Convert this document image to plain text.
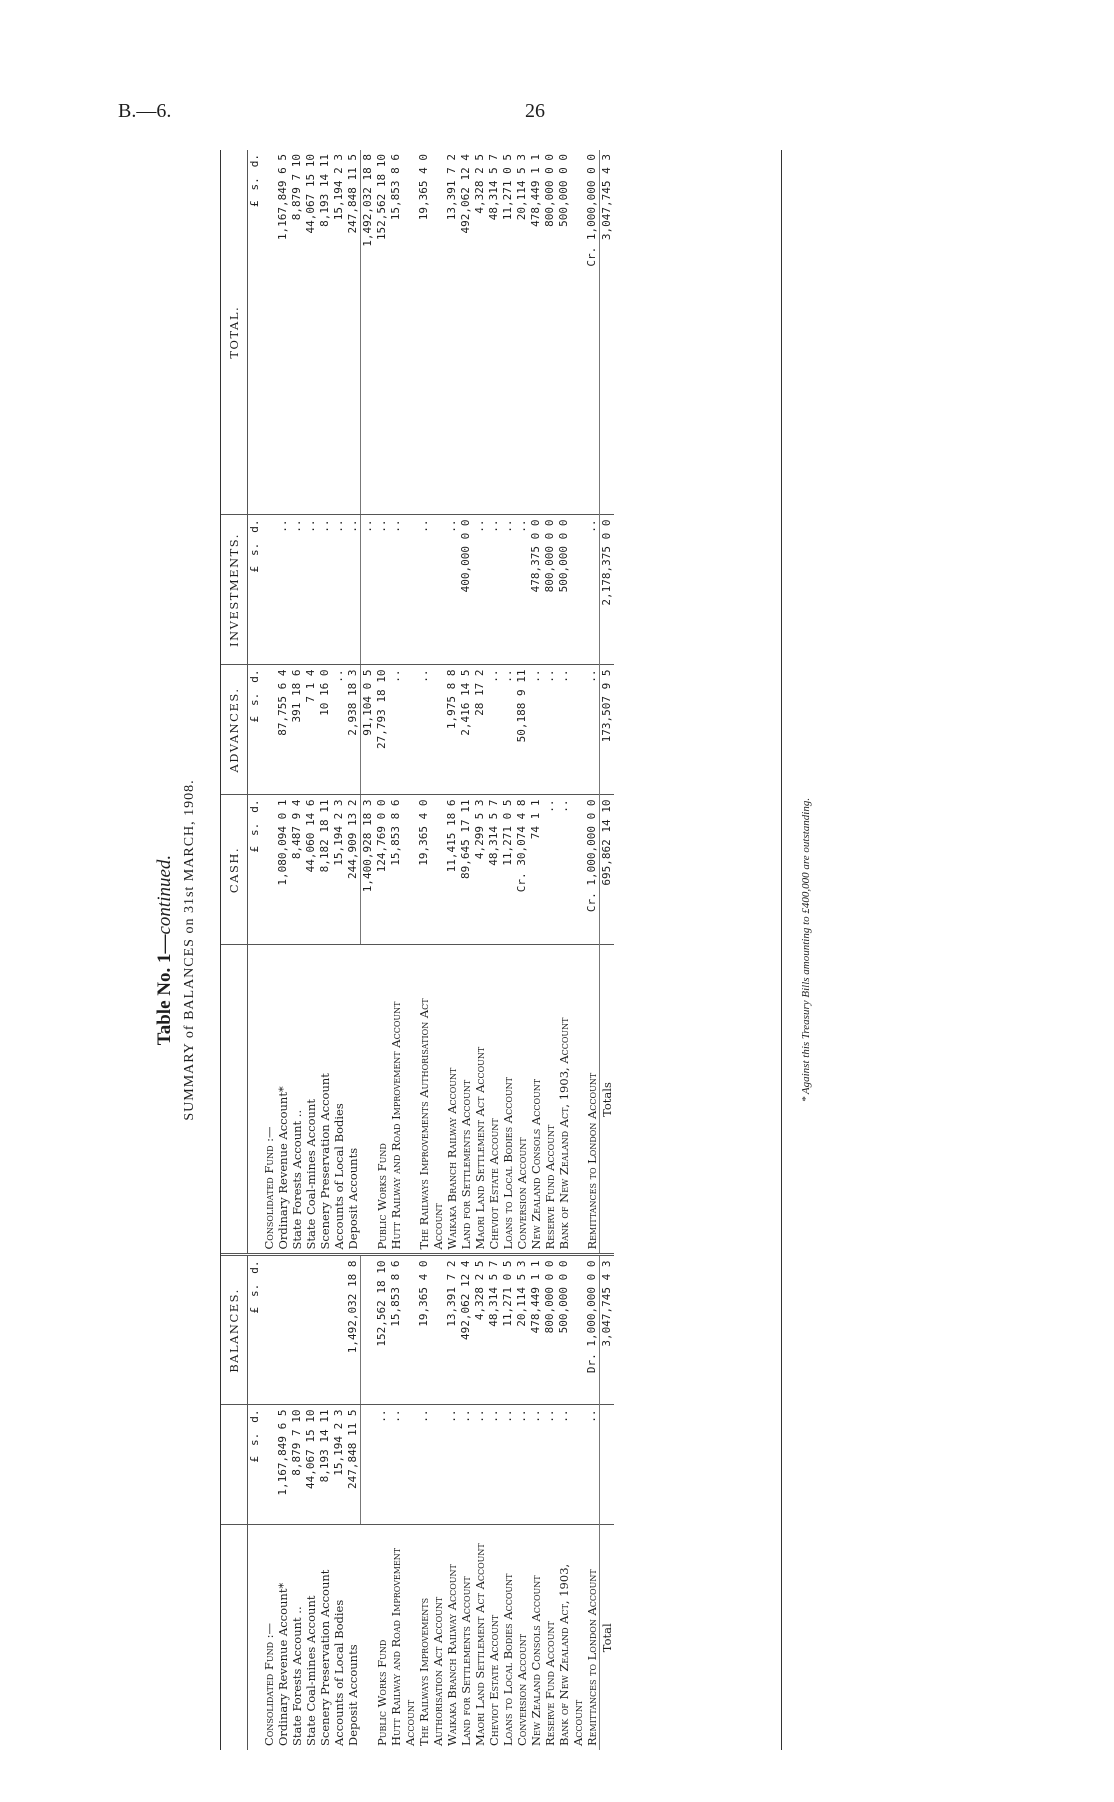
B.—6.	26
Table No. 1—continued. SUMMARY of BALANCES on 31st MARCH, 1908.
		BALANCES.		CASH.	ADVANCES.	INVESTMENTS.	TOTAL.
	£s.d.	£s.d.		£s.d.	£s.d.	£s.d.	£s.d.
Consolidated Fund :—			Consolidated Fund :—				
Ordinary Revenue Account*	1,167,849 6 5		Ordinary Revenue Account*	1,080,094 0 1	87,755 6 4	..	1,167,849 6 5
State Forests Account ..	8,879 7 10		State Forests Account ..	8,487 9 4	391 18 6	..	8,879 7 10
State Coal-mines Account	44,067 15 10		State Coal-mines Account	44,060 14 6	7 1 4	..	44,067 15 10
Scenery Preservation Account	8,193 14 11		Scenery Preservation Account	8,182 18 11	10 16 0	..	8,193 14 11
Accounts of Local Bodies	15,194 2 3		Accounts of Local Bodies	15,194 2 3	..	..	15,194 2 3
Deposit Accounts	247,848 11 5	1,492,032 18 8	Deposit Accounts	244,909 13 2	2,938 18 3	..	247,848 11 5
				1,400,928 18 3	91,104 0 5	..	1,492,032 18 8

Public Works Fund	..	152,562 18 10	Public Works Fund	124,769 0 0	27,793 18 10	..	152,562 18 10

Hutt Railway and Road Improvement Account	..	15,853 8 6	Hutt Railway and Road Improvement Account	15,853 8 6	..	..	15,853 8 6

The Railways Improvements Authorisation Act Account	..	19,365 4 0	The Railways Improvements Authorisation Act Account	19,365 4 0	..	..	19,365 4 0

Waikaka Branch Railway Account	..	13,391 7 2	Waikaka Branch Railway Account	11,415 18 6	1,975 8 8	..	13,391 7 2

Land for Settlements Account	..	492,062 12 4	Land for Settlements Account	89,645 17 11	2,416 14 5	400,000 0 0	492,062 12 4

Maori Land Settlement Act Account	..	4,328 2 5	Maori Land Settlement Act Account	4,299 5 3	28 17 2	..	4,328 2 5

Cheviot Estate Account	..	48,314 5 7	Cheviot Estate Account	48,314 5 7	..	..	48,314 5 7

Loans to Local Bodies Account	..	11,271 0 5	Loans to Local Bodies Account	11,271 0 5	..	..	11,271 0 5

Conversion Account	..	20,114 5 3	Conversion Account	Cr. 30,074 4 8	50,188 9 11	..	20,114 5 3

New Zealand Consols Account	..	478,449 1 1	New Zealand Consols Account	74 1 1	..	478,375 0 0	478,449 1 1

Reserve Fund Account	..	800,000 0 0	Reserve Fund Account	..	..	800,000 0 0	800,000 0 0

Bank of New Zealand Act, 1903, Account	..	500,000 0 0	Bank of New Zealand Act, 1903, Account	..	..	500,000 0 0	500,000 0 0

Remittances to London Account	..	Dr. 1,000,000 0 0	Remittances to London Account	Cr. 1,000,000 0 0	..	..	Cr. 1,000,000 0 0

Total		3,047,745 4 3	Totals	695,862 14 10	173,507 9 5	2,178,375 0 0	3,047,745 4 3
* Against this Treasury Bills amounting to £400,000 are outstanding.
